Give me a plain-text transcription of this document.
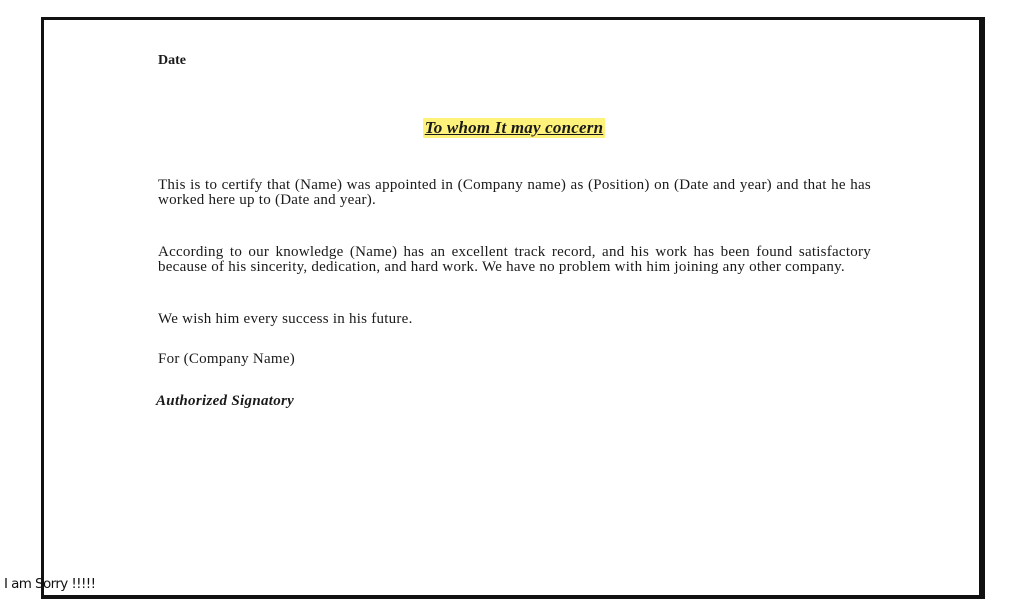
Date

To whom It may concern

This is to certify that (Name) was appointed in (Company name) as (Position) on (Date and year) and that he has worked here up to (Date and year).

According to our knowledge (Name) has an excellent track record, and his work has been found satisfactory because of his sincerity, dedication, and hard work. We have no problem with him joining any other company.

We wish him every success in his future.

For (Company Name)

Authorized Signatory

I am Sorry !!!!!
